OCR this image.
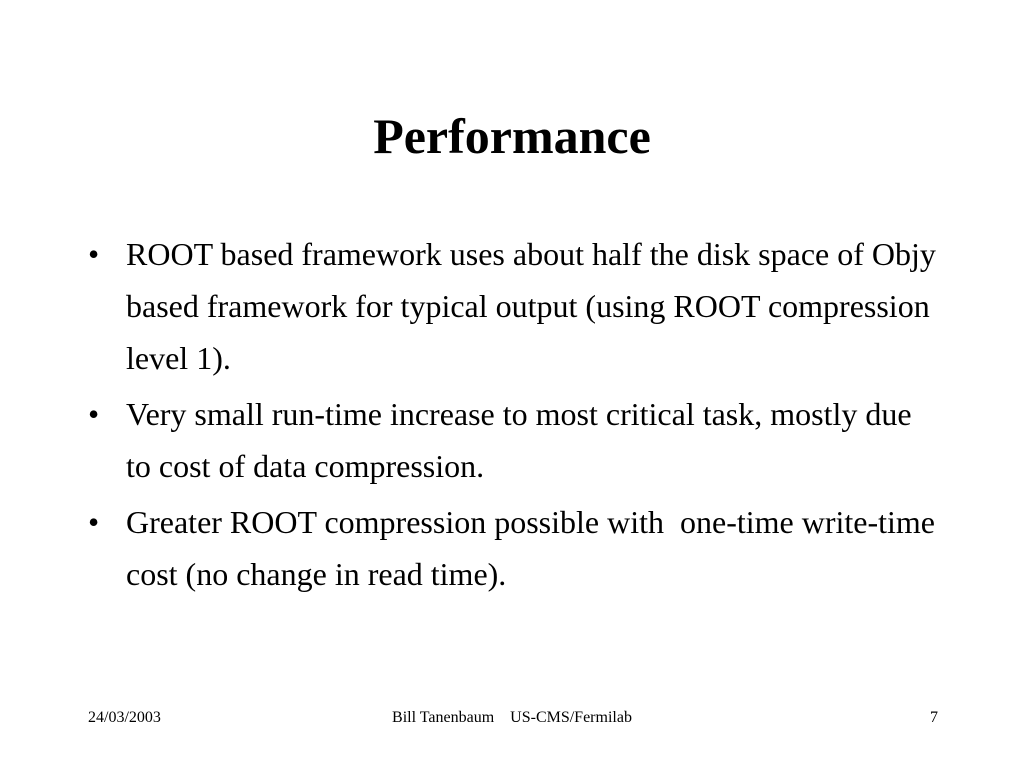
Performance
• ROOT based framework uses about half the disk space of Objy based framework for typical output (using ROOT compression level 1).
• Very small run-time increase to most critical task, mostly due to cost of data compression.
• Greater ROOT compression possible with  one-time write-time cost (no change in read time).
24/03/2003	Bill Tanenbaum    US-CMS/Fermilab	7
